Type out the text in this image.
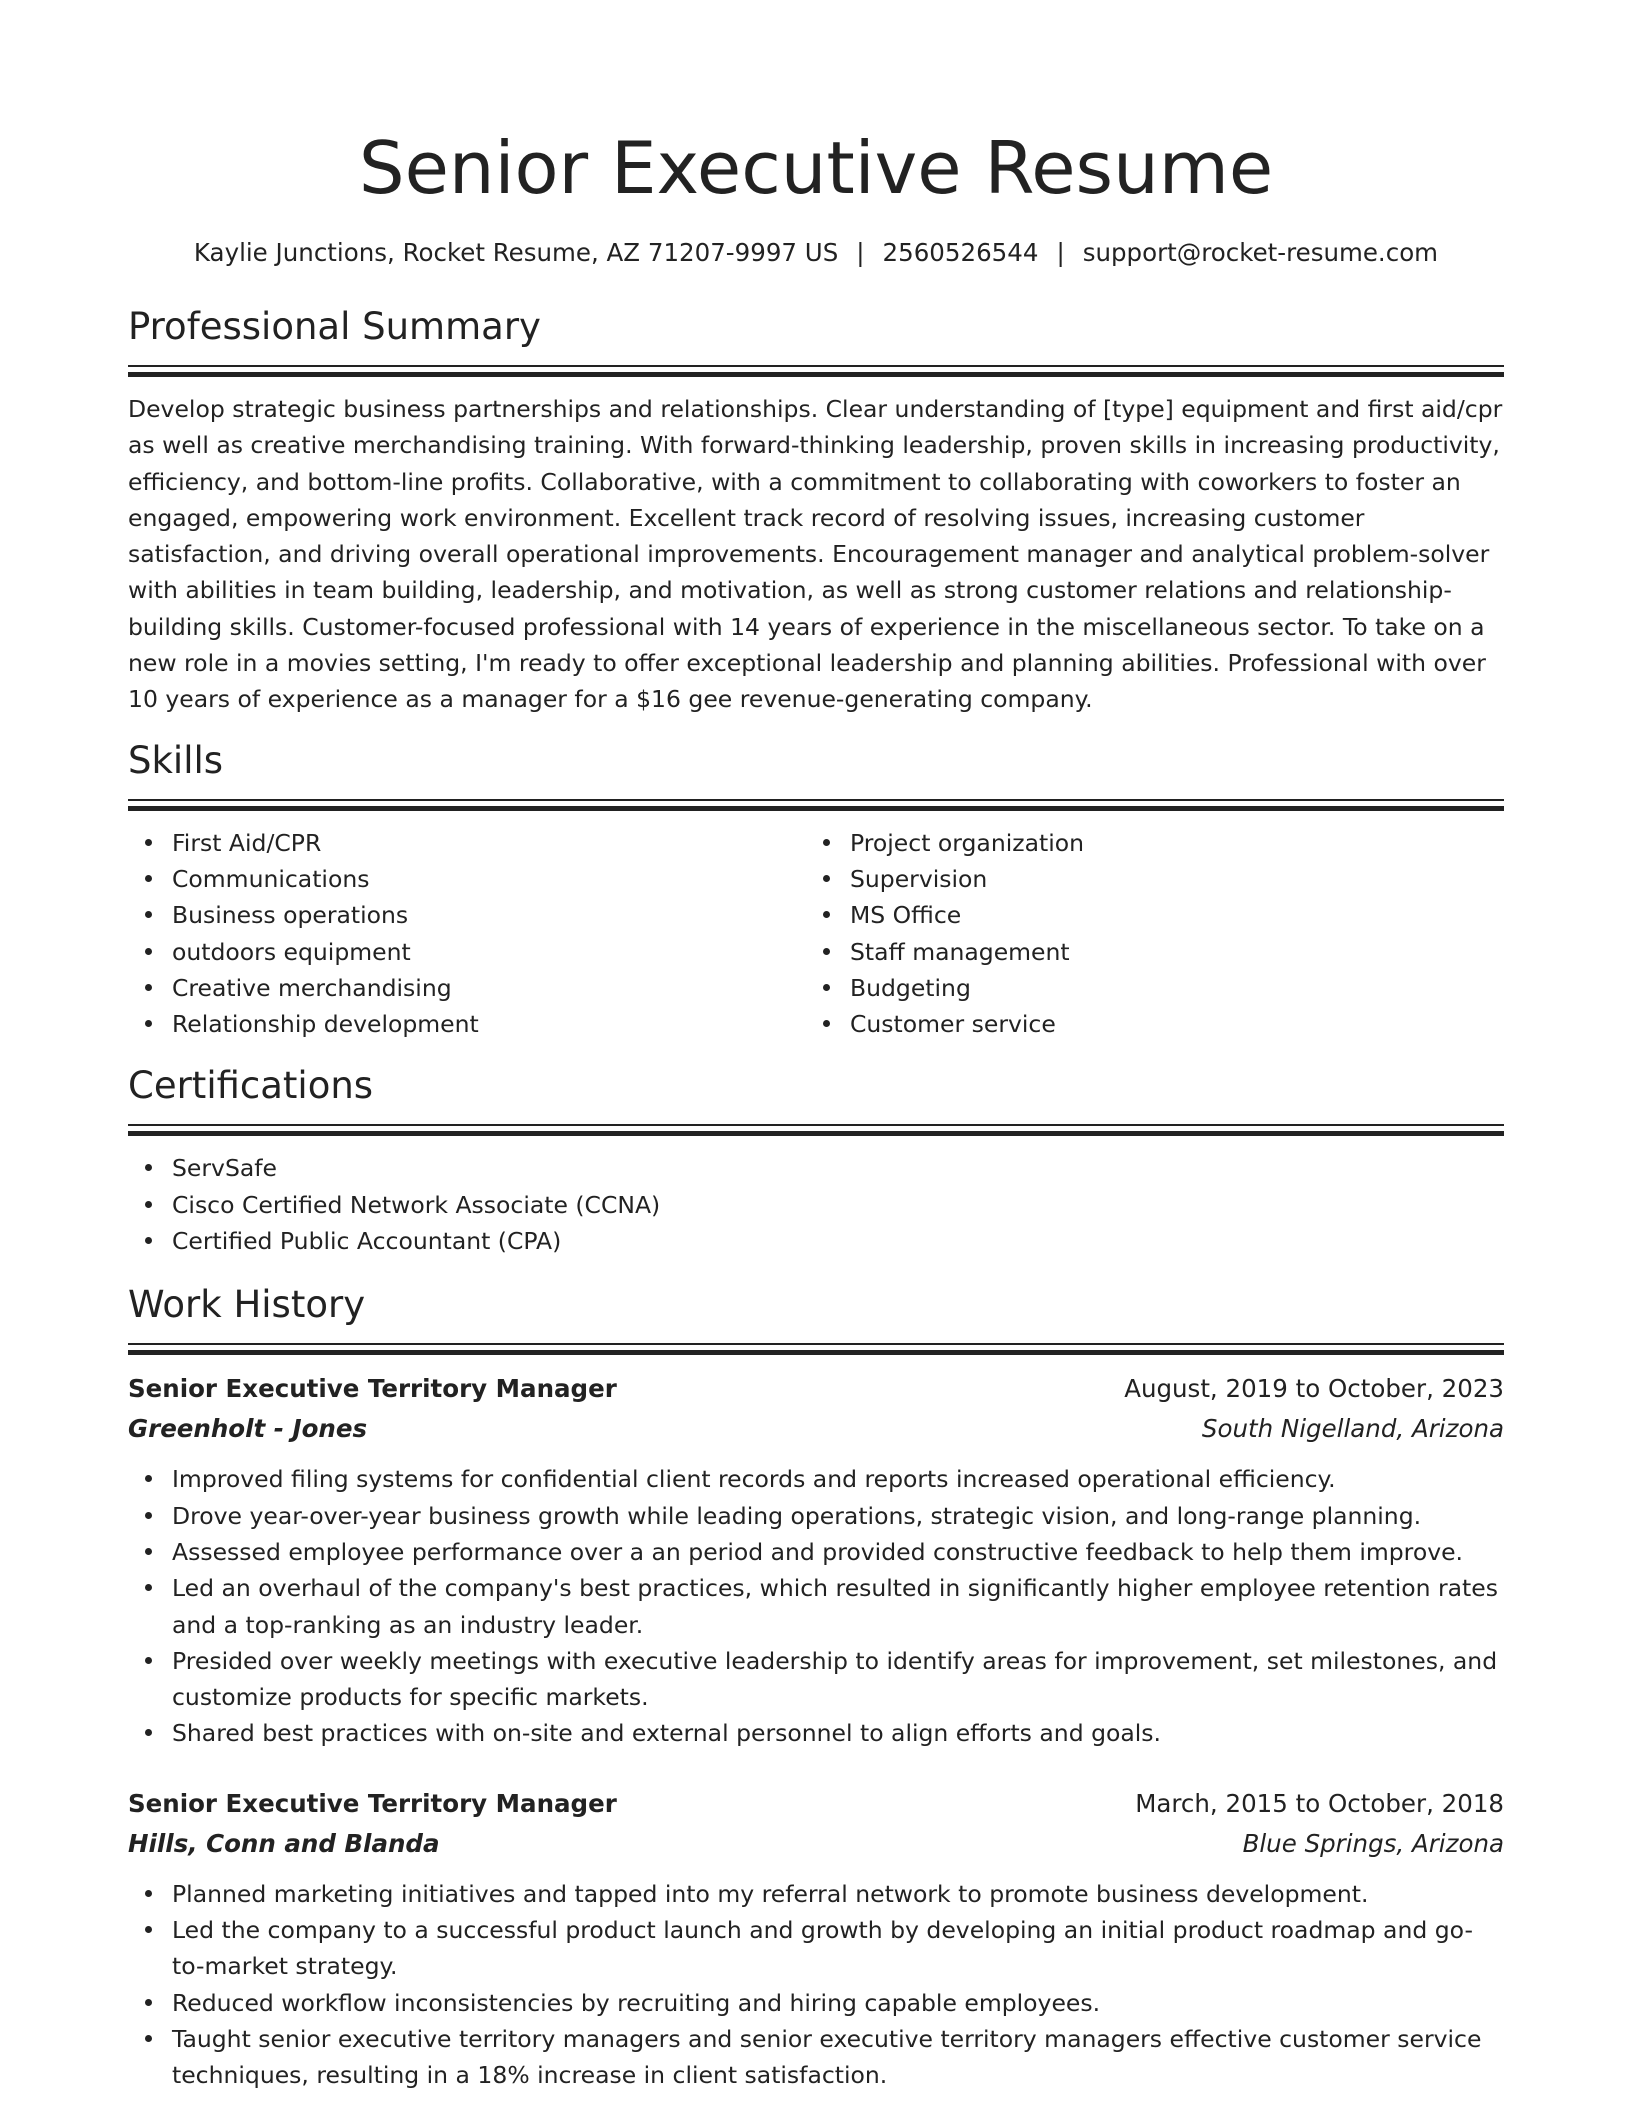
Senior Executive Resume
Kaylie Junctions, Rocket Resume, AZ 71207-9997 US | 2560526544 | support@rocket-resume.com
Professional Summary

Develop strategic business partnerships and relationships. Clear understanding of [type] equipment and first aid/cpr as well as creative merchandising training. With forward-thinking leadership, proven skills in increasing productivity, efficiency, and bottom-line profits. Collaborative, with a commitment to collaborating with coworkers to foster an engaged, empowering work environment. Excellent track record of resolving issues, increasing customer satisfaction, and driving overall operational improvements. Encouragement manager and analytical problem-solver with abilities in team building, leadership, and motivation, as well as strong customer relations and relationship-building skills. Customer-focused professional with 14 years of experience in the miscellaneous sector. To take on a new role in a movies setting, I'm ready to offer exceptional leadership and planning abilities. Professional with over 10 years of experience as a manager for a $16 gee revenue-generating company.

Skills
First Aid/CPR
Communications
Business operations
outdoors equipment
Creative merchandising
Relationship development
Project organization
Supervision
MS Office
Staff management
Budgeting
Customer service
Certifications
ServSafe
Cisco Certified Network Associate (CCNA)
Certified Public Accountant (CPA)
Work History
Senior Executive Territory Manager	August, 2019 to October, 2023
Greenholt - Jones	South Nigelland, Arizona
Improved filing systems for confidential client records and reports increased operational efficiency.
Drove year-over-year business growth while leading operations, strategic vision, and long-range planning.
Assessed employee performance over a an period and provided constructive feedback to help them improve.
Led an overhaul of the company's best practices, which resulted in significantly higher employee retention rates and a top-ranking as an industry leader.
Presided over weekly meetings with executive leadership to identify areas for improvement, set milestones, and customize products for specific markets.
Shared best practices with on-site and external personnel to align efforts and goals.
Senior Executive Territory Manager	March, 2015 to October, 2018
Hills, Conn and Blanda	Blue Springs, Arizona
Planned marketing initiatives and tapped into my referral network to promote business development.
Led the company to a successful product launch and growth by developing an initial product roadmap and go-to-market strategy.
Reduced workflow inconsistencies by recruiting and hiring capable employees.
Taught senior executive territory managers and senior executive territory managers effective customer service techniques, resulting in a 18% increase in client satisfaction.
